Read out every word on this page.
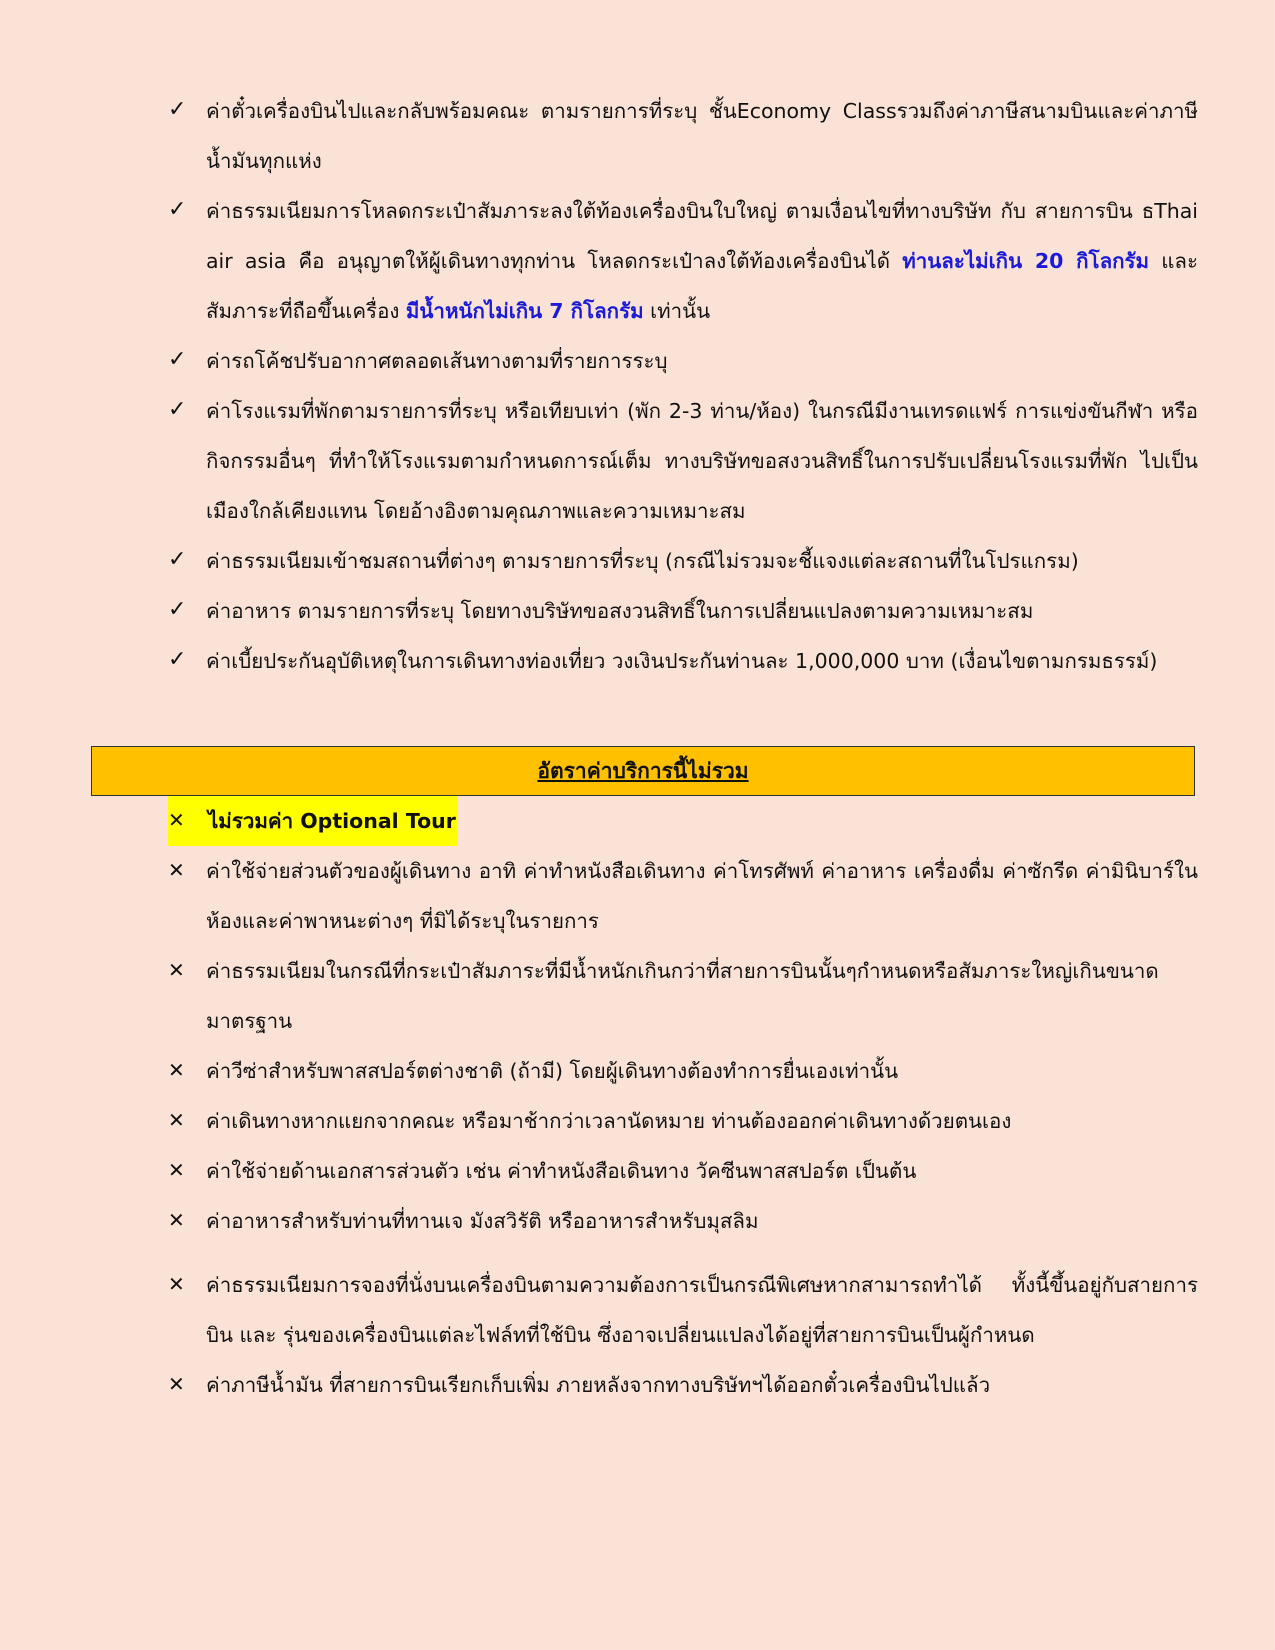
✓ ค่าตั๋วเครื่องบินไปและกลับพร้อมคณะ ตามรายการที่ระบุ ชั้นEconomy Classรวมถึงค่าภาษีสนามบินและค่าภาษีน้ำมันทุกแห่ง
✓ ค่าธรรมเนียมการโหลดกระเป๋าสัมภาระลงใต้ท้องเครื่องบินใบใหญ่ ตามเงื่อนไขที่ทางบริษัท กับ สายการบิน ธThai air asia คือ อนุญาตให้ผู้เดินทางทุกท่าน โหลดกระเป๋าลงใต้ท้องเครื่องบินได้ ท่านละไม่เกิน 20 กิโลกรัม และสัมภาระที่ถือขึ้นเครื่อง มีน้ำหนักไม่เกิน 7 กิโลกรัม เท่านั้น
✓ ค่ารถโค้ชปรับอากาศตลอดเส้นทางตามที่รายการระบุ
✓ ค่าโรงแรมที่พักตามรายการที่ระบุ หรือเทียบเท่า (พัก 2-3 ท่าน/ห้อง) ในกรณีมีงานเทรดแฟร์ การแข่งขันกีฬา หรือกิจกรรมอื่นๆ ที่ทำให้โรงแรมตามกำหนดการณ์เต็ม ทางบริษัทขอสงวนสิทธิ์ในการปรับเปลี่ยนโรงแรมที่พัก ไปเป็นเมืองใกล้เคียงแทน โดยอ้างอิงตามคุณภาพและความเหมาะสม
✓ ค่าธรรมเนียมเข้าชมสถานที่ต่างๆ ตามรายการที่ระบุ (กรณีไม่รวมจะชี้แจงแต่ละสถานที่ในโปรแกรม)
✓ ค่าอาหาร ตามรายการที่ระบุ โดยทางบริษัทขอสงวนสิทธิ์ในการเปลี่ยนแปลงตามความเหมาะสม
✓ ค่าเบี้ยประกันอุบัติเหตุในการเดินทางท่องเที่ยว วงเงินประกันท่านละ 1,000,000 บาท (เงื่อนไขตามกรมธรรม์)
อัตราค่าบริการนี้ไม่รวม
✕	ไม่รวมค่า Optional Tour
✕	ค่าใช้จ่ายส่วนตัวของผู้เดินทาง อาทิ ค่าทำหนังสือเดินทาง ค่าโทรศัพท์ ค่าอาหาร เครื่องดื่ม ค่าซักรีด ค่ามินิบาร์ในห้องและค่าพาหนะต่างๆ ที่มิได้ระบุในรายการ
✕	ค่าธรรมเนียมในกรณีที่กระเป๋าสัมภาระที่มีน้ำหนักเกินกว่าที่สายการบินนั้นๆกำหนดหรือสัมภาระใหญ่เกินขนาดมาตรฐาน
✕	ค่าวีซ่าสำหรับพาสสปอร์ตต่างชาติ (ถ้ามี) โดยผู้เดินทางต้องทำการยื่นเองเท่านั้น
✕	ค่าเดินทางหากแยกจากคณะ หรือมาช้ากว่าเวลานัดหมาย ท่านต้องออกค่าเดินทางด้วยตนเอง
✕	ค่าใช้จ่ายด้านเอกสารส่วนตัว เช่น ค่าทำหนังสือเดินทาง วัคซีนพาสสปอร์ต เป็นต้น
✕	ค่าอาหารสำหรับท่านที่ทานเจ มังสวิรัติ หรืออาหารสำหรับมุสลิม
✕	ค่าธรรมเนียมการจองที่นั่งบนเครื่องบินตามความต้องการเป็นกรณีพิเศษหากสามารถทำได้ ทั้งนี้ขึ้นอยู่กับสายการบิน และ รุ่นของเครื่องบินแต่ละไฟล์ทที่ใช้บิน ซึ่งอาจเปลี่ยนแปลงได้อยู่ที่สายการบินเป็นผู้กำหนด
✕	ค่าภาษีน้ำมัน ที่สายการบินเรียกเก็บเพิ่ม ภายหลังจากทางบริษัทฯได้ออกตั๋วเครื่องบินไปแล้ว
